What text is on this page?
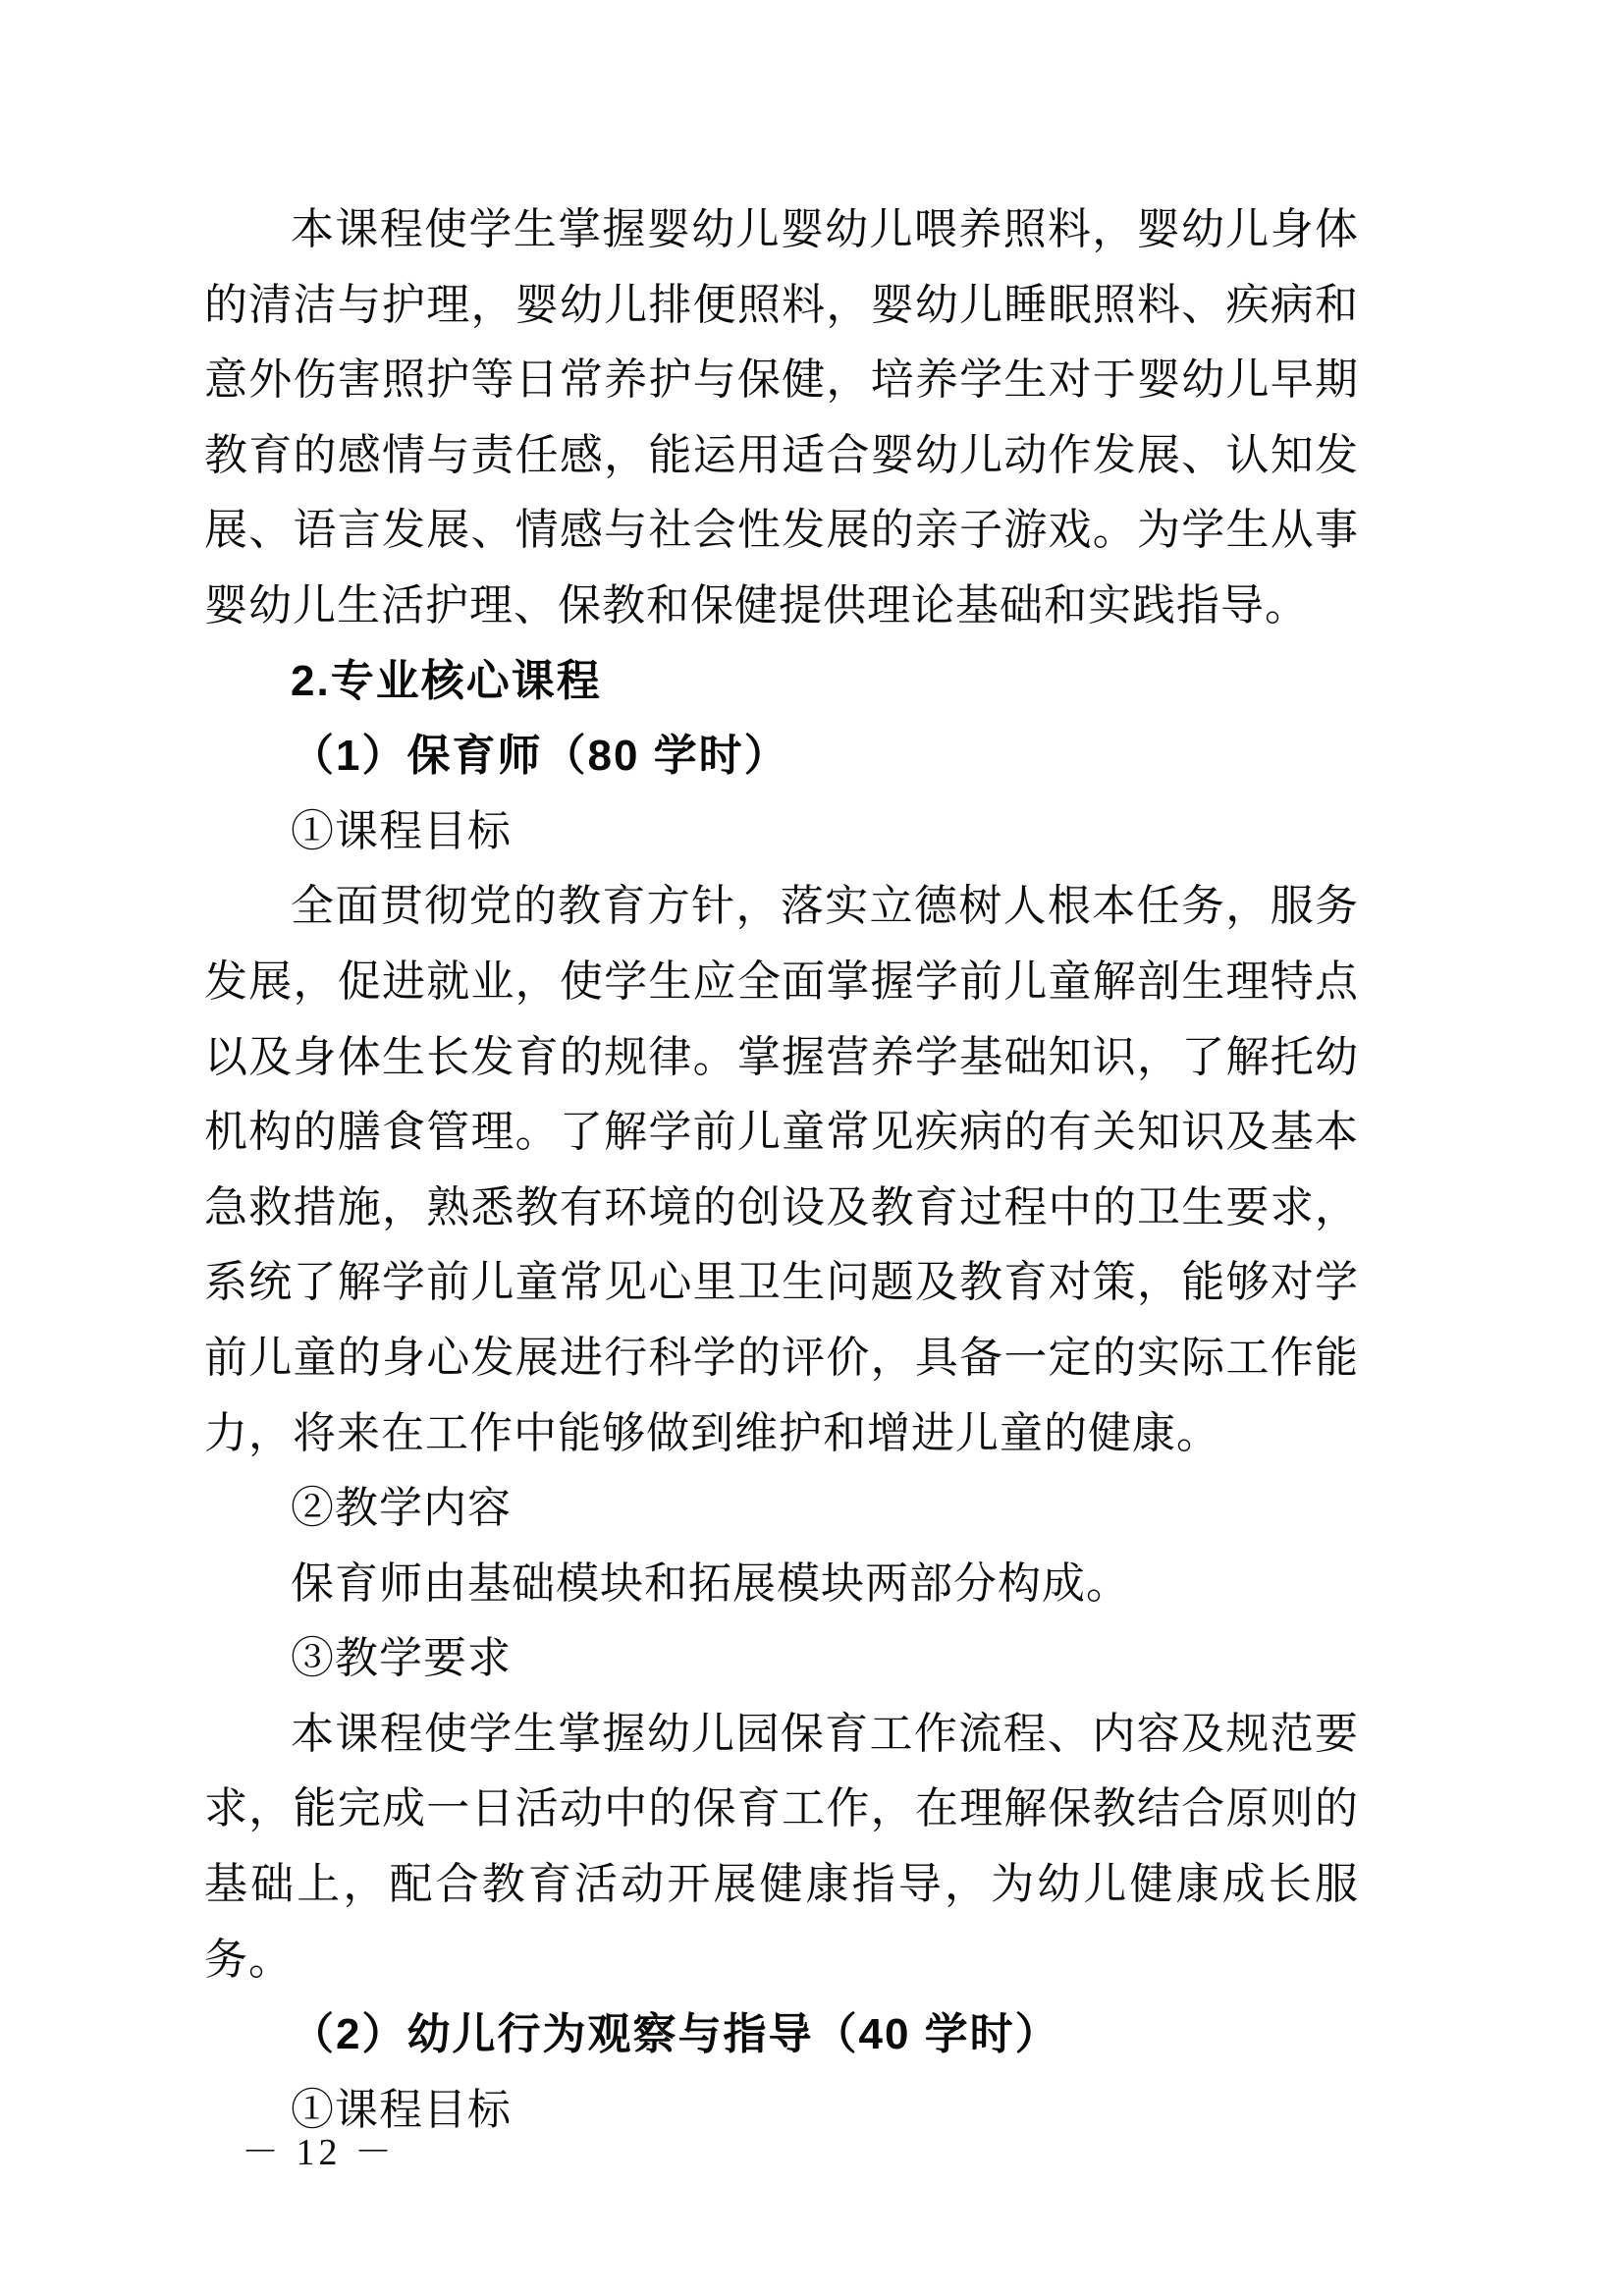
本课程使学生掌握婴幼儿婴幼儿喂养照料，婴幼儿身体的清洁与护理，婴幼儿排便照料，婴幼儿睡眠照料、疾病和意外伤害照护等日常养护与保健，培养学生对于婴幼儿早期教育的感情与责任感，能运用适合婴幼儿动作发展、认知发展、语言发展、情感与社会性发展的亲子游戏。为学生从事婴幼儿生活护理、保教和保健提供理论基础和实践指导。
2.专业核心课程
（1）保育师（80 学时）
①课程目标
全面贯彻党的教育方针，落实立德树人根本任务，服务发展，促进就业，使学生应全面掌握学前儿童解剖生理特点以及身体生长发育的规律。掌握营养学基础知识，了解托幼机构的膳食管理。了解学前儿童常见疾病的有关知识及基本急救措施，熟悉教有环境的创设及教育过程中的卫生要求，系统了解学前儿童常见心里卫生问题及教育对策，能够对学前儿童的身心发展进行科学的评价，具备一定的实际工作能力，将来在工作中能够做到维护和增进儿童的健康。
②教学内容
保育师由基础模块和拓展模块两部分构成。
③教学要求
本课程使学生掌握幼儿园保育工作流程、内容及规范要求，能完成一日活动中的保育工作，在理解保教结合原则的基础上，配合教育活动开展健康指导，为幼儿健康成长服务。
（2）幼儿行为观察与指导（40 学时）
①课程目标
－ 12 －
